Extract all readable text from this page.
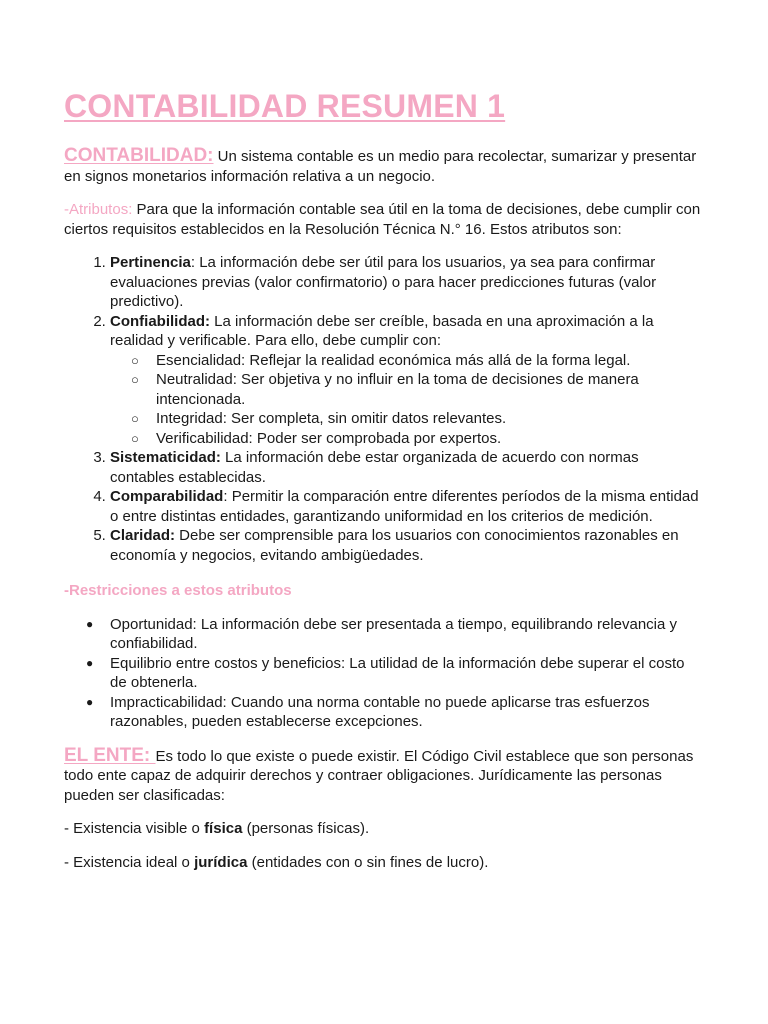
CONTABILIDAD RESUMEN 1

CONTABILIDAD: Un sistema contable es un medio para recolectar, sumarizar y presentar en signos monetarios información relativa a un negocio.

-Atributos: Para que la información contable sea útil en la toma de decisiones, debe cumplir con ciertos requisitos establecidos en la Resolución Técnica N.° 16. Estos atributos son:

1. Pertinencia: La información debe ser útil para los usuarios, ya sea para confirmar evaluaciones previas (valor confirmatorio) o para hacer predicciones futuras (valor predictivo).
2. Confiabilidad: La información debe ser creíble, basada en una aproximación a la realidad y verificable. Para ello, debe cumplir con:
○ Esencialidad: Reflejar la realidad económica más allá de la forma legal.
○ Neutralidad: Ser objetiva y no influir en la toma de decisiones de manera intencionada.
○ Integridad: Ser completa, sin omitir datos relevantes.
○ Verificabilidad: Poder ser comprobada por expertos.
3. Sistematicidad: La información debe estar organizada de acuerdo con normas contables establecidas.
4. Comparabilidad: Permitir la comparación entre diferentes períodos de la misma entidad o entre distintas entidades, garantizando uniformidad en los criterios de medición.
5. Claridad: Debe ser comprensible para los usuarios con conocimientos razonables en economía y negocios, evitando ambigüedades.

-Restricciones a estos atributos

● Oportunidad: La información debe ser presentada a tiempo, equilibrando relevancia y confiabilidad.
● Equilibrio entre costos y beneficios: La utilidad de la información debe superar el costo de obtenerla.
● Impracticabilidad: Cuando una norma contable no puede aplicarse tras esfuerzos razonables, pueden establecerse excepciones.

EL ENTE: Es todo lo que existe o puede existir. El Código Civil establece que son personas todo ente capaz de adquirir derechos y contraer obligaciones. Jurídicamente las personas pueden ser clasificadas:

- Existencia visible o física (personas físicas).

- Existencia ideal o jurídica (entidades con o sin fines de lucro).
